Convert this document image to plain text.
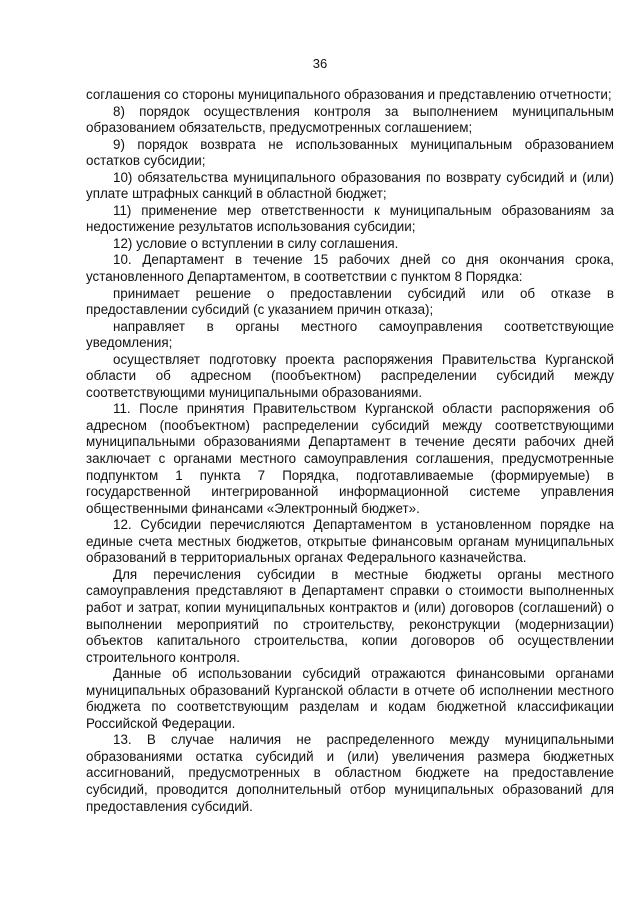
36

соглашения со стороны муниципального образования и представлению отчетности;

8) порядок осуществления контроля за выполнением муниципальным образованием обязательств, предусмотренных соглашением;

9) порядок возврата не использованных муниципальным образованием остатков субсидии;

10) обязательства муниципального образования по возврату субсидий и (или) уплате штрафных санкций в областной бюджет;

11) применение мер ответственности к муниципальным образованиям за недостижение результатов использования субсидии;

12) условие о вступлении в силу соглашения.

10. Департамент в течение 15 рабочих дней со дня окончания срока, установленного Департаментом, в соответствии с пунктом 8 Порядка:

принимает решение о предоставлении субсидий или об отказе в предоставлении субсидий (с указанием причин отказа);

направляет в органы местного самоуправления соответствующие уведомления;

осуществляет подготовку проекта распоряжения Правительства Курганской области об адресном (пообъектном) распределении субсидий между соответствующими муниципальными образованиями.

11. После принятия Правительством Курганской области распоряжения об адресном (пообъектном) распределении субсидий между соответствующими муниципальными образованиями Департамент в течение десяти рабочих дней заключает с органами местного самоуправления соглашения, предусмотренные подпунктом 1 пункта 7 Порядка, подготавливаемые (формируемые) в государственной интегрированной информационной системе управления общественными финансами «Электронный бюджет».

12. Субсидии перечисляются Департаментом в установленном порядке на единые счета местных бюджетов, открытые финансовым органам муниципальных образований в территориальных органах Федерального казначейства.

Для перечисления субсидии в местные бюджеты органы местного самоуправления представляют в Департамент справки о стоимости выполненных работ и затрат, копии муниципальных контрактов и (или) договоров (соглашений) о выполнении мероприятий по строительству, реконструкции (модернизации) объектов капитального строительства, копии договоров об осуществлении строительного контроля.

Данные об использовании субсидий отражаются финансовыми органами муниципальных образований Курганской области в отчете об исполнении местного бюджета по соответствующим разделам и кодам бюджетной классификации Российской Федерации.

13. В случае наличия не распределенного между муниципальными образованиями остатка субсидий и (или) увеличения размера бюджетных ассигнований, предусмотренных в областном бюджете на предоставление субсидий, проводится дополнительный отбор муниципальных образований для предоставления субсидий.
